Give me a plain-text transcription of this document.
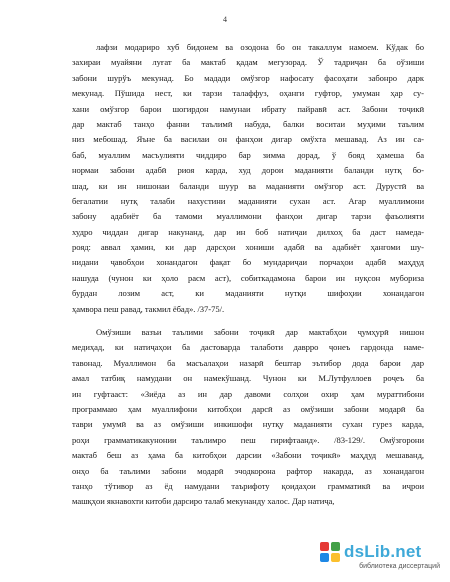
4
лафзи модариро хуб бидонем ва озодона бо он такаллум намоем. Кўдак бо
захираи муайяни луғат ба мактаб қадам мегузорад. Ў тадриҷан ба оўзиши
забони шурўъ мекунад. Бо мадади омўзгор нафосату фасоҳати забонро дарк
мекунад. Пўшида нест, ки тарзи талаффуз, оҳанги гуфтор, умуман ҳар су-
хани омўзгор барои шогирдон намунаи ибрату пайравӣ аст. Забони тоҷикӣ
дар мактаб танҳо фанни таълимӣ набуда, балки воситаи муҳими таълим
низ мебошад. Яъне ба василаи он фанҳои дигар омўхта мешавад. Аз ин са-
баб, муаллим масъулияти чиддиро бар зимма дорад, ў бояд ҳамеша ба
нормаи забони адабӣ риоя карда, худ дорои маданияти баланди нутқ бо-
шад, ки ин нишонаи баланди шуур ва маданияти омўзгор аст. Дурустӣ ва
бегалатии нутқ талаби нахустини маданияти сухан аст. Агар муаллимони
забону адабиёт ба тамоми муаллимони фанҳои дигар тарзи фаъолияти
худро чиддан дигар накунанд, дар ин боб натиҷаи дилхоҳ ба даст намеда-
рояд: аввал ҳамин, ки дар дарсҳои хониши адабӣ ва адабиёт ҳангоми шу-
нидани ҷавобҳои хонандагон фақат бо мундариҷаи порчаҳои адабӣ маҳдуд
нашуда (чунон ки ҳоло расм аст), собиткадамона барои ин нуқсон мубориза
бурдан лозим аст, ки маданияти нутқи шифоҳии хонандагон
ҳамвора пеш равад, такмил ёбад». /37-75/.
Омўзиши вазъи таълими забони тоҷикӣ дар мактабҳои ҷумҳурӣ нишон
медиҳад, ки натиҷаҳои ба дастоварда талаботи даврро ҷонеъ гардонда наме-
тавонад. Муаллимон ба масъалаҳои назарӣ бештар эътибор дода барои дар
амал татбиқ намудани он намекўшанд. Чунон ки М.Лутфуллоев роҷеъ ба
ин гуфтааст: «Зиёда аз ин дар давоми солҳои охир ҳам мураттибони
программаю ҳам муаллифони китобҳои дарсӣ аз омўзиши забони модарӣ ба
таври умумӣ ва аз омўзиши инкишофи нутқу маданияти сухан гурез карда,
роҳи грамматикакунонии таълимро пеш гирифтаанд». /83-129/. Омўзгорони
мактаб беш аз ҳама ба китобҳои дарсии «Забони тоҷикӣ» маҳдуд мешаванд,
онҳо ба таълими забони модарӣ эчодкорона рафтор накарда, аз хонандагон
танҳо тўтивор аз ёд намудани таърифоту қоидаҳои грамматикӣ ва иҷрои
машқҳои якнавохти китоби дарсиро талаб мекунанду халос. Дар натиҷа,
dsLib.net
библиотека диссертаций
